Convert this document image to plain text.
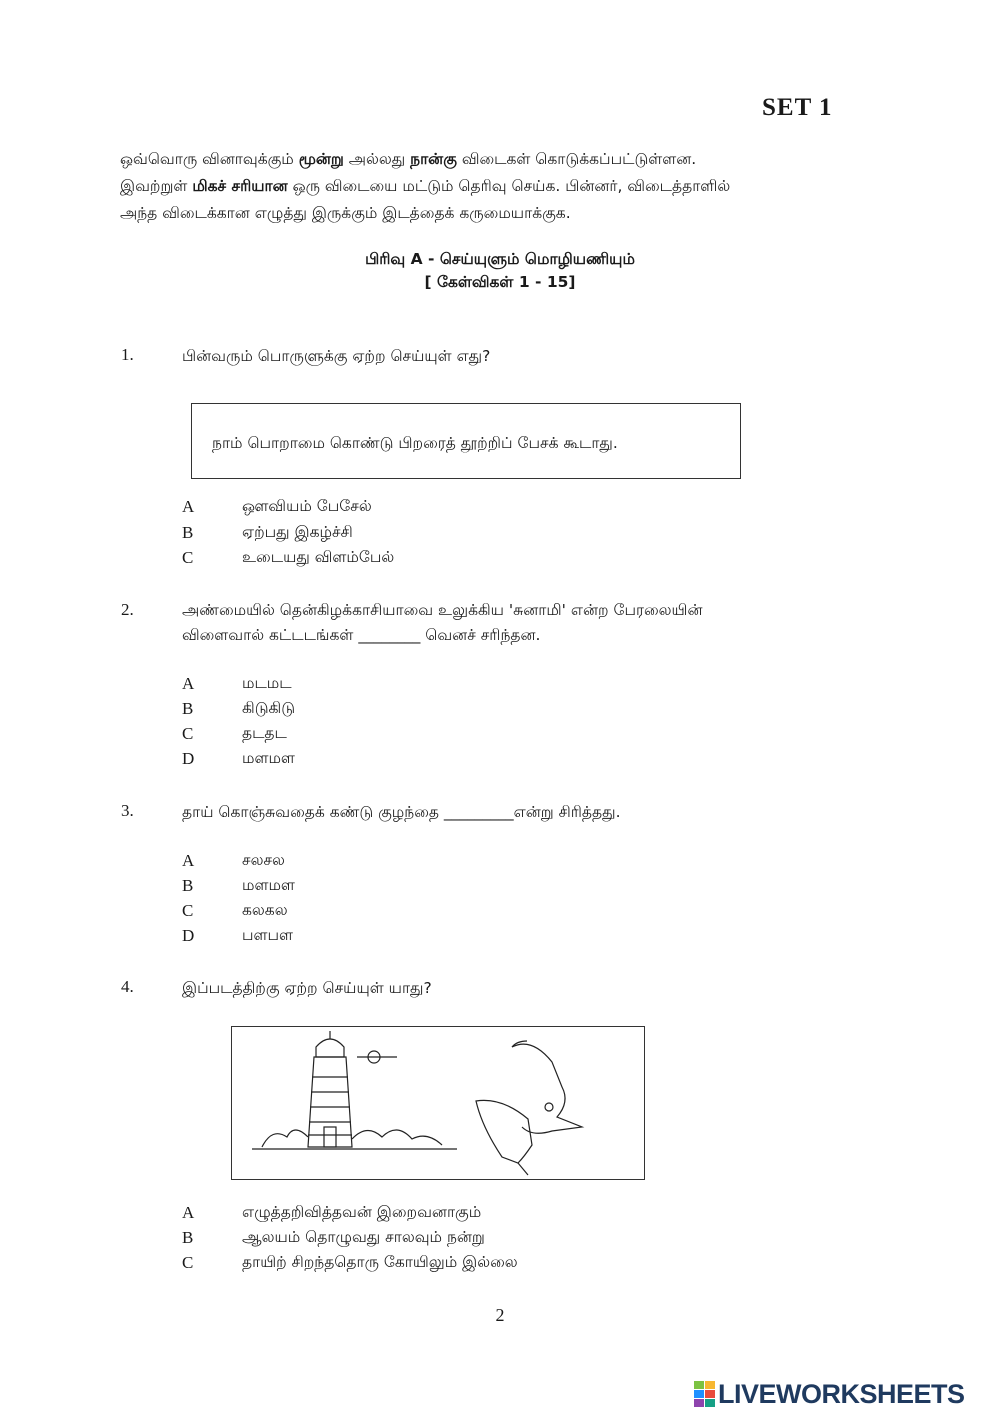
SET 1
ஒவ்வொரு வினாவுக்கும் மூன்று அல்லது நான்கு விடைகள் கொடுக்கப்பட்டுள்ளன.
இவற்றுள் மிகச் சரியான ஒரு விடையை மட்டும் தெரிவு செய்க. பின்னர், விடைத்தாளில்
அந்த விடைக்கான எழுத்து இருக்கும் இடத்தைக் கருமையாக்குக.
பிரிவு A - செய்யுளும் மொழியணியும்
[ கேள்விகள் 1 - 15]
1.	பின்வரும் பொருளுக்கு ஏற்ற செய்யுள் எது?
நாம் பொறாமை கொண்டு பிறரைத் தூற்றிப் பேசக் கூடாது.
A	ஔவியம் பேசேல்
B	ஏற்பது இகழ்ச்சி
C	உடையது விளம்பேல்
2.	அண்மையில் தென்கிழக்காசியாவை உலுக்கிய 'சுனாமி' என்ற பேரலையின்
விளைவால் கட்டடங்கள் ________ வெனச் சரிந்தன.
A	மடமட
B	கிடுகிடு
C	தடதட
D	மளமள
3.	தாய் கொஞ்சுவதைக் கண்டு குழந்தை _________என்று சிரித்தது.
A	சலசல
B	மளமள
C	கலகல
D	பளபள
4.	இப்படத்திற்கு ஏற்ற செய்யுள் யாது?
A	எழுத்தறிவித்தவன் இறைவனாகும்
B	ஆலயம் தொழுவது சாலவும் நன்று
C	தாயிற் சிறந்ததொரு கோயிலும் இல்லை
2
LIVEWORKSHEETS
